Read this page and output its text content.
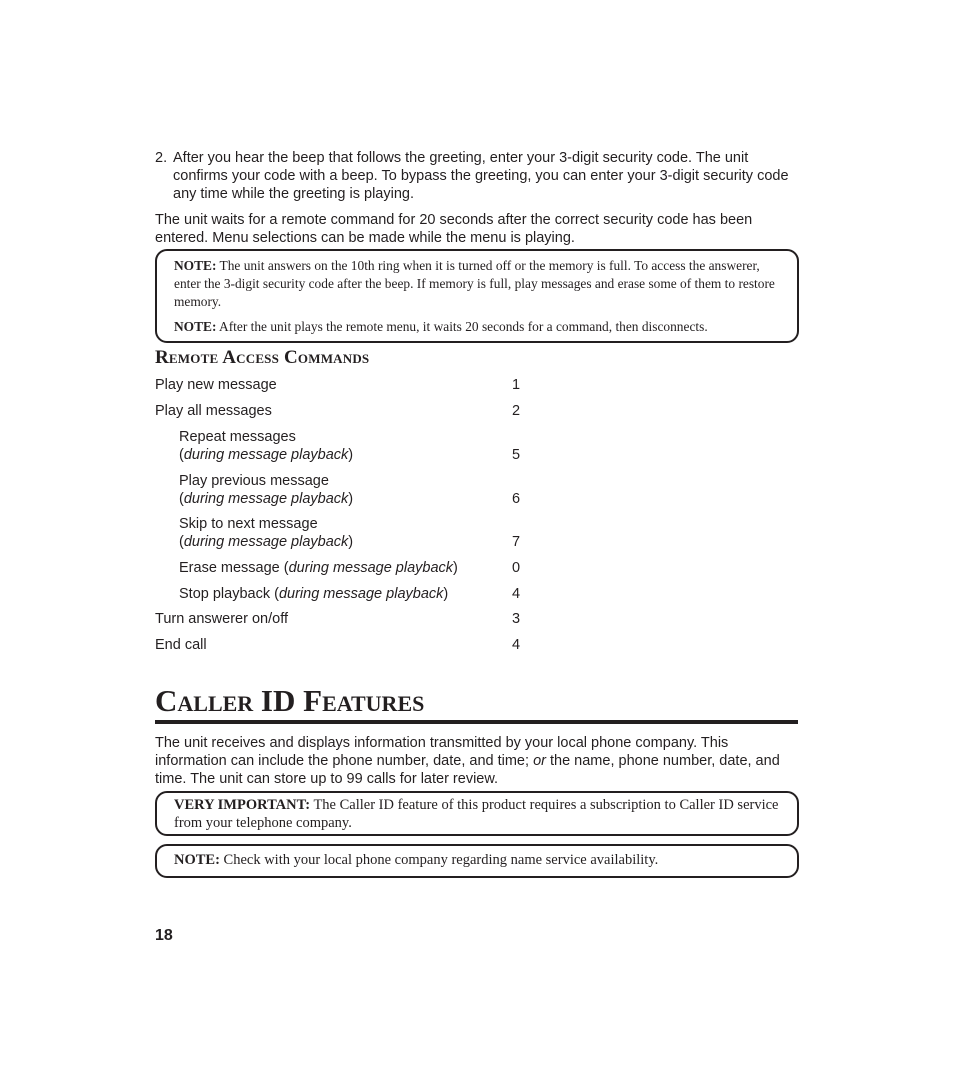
2. After you hear the beep that follows the greeting, enter your 3-digit security code. The unit confirms your code with a beep. To bypass the greeting, you can enter your 3-digit security code any time while the greeting is playing.
The unit waits for a remote command for 20 seconds after the correct security code has been entered. Menu selections can be made while the menu is playing.

NOTE: The unit answers on the 10th ring when it is turned off or the memory is full. To access the answerer, enter the 3-digit security code after the beep. If memory is full, play messages and erase some of them to restore memory.

NOTE: After the unit plays the remote menu, it waits 20 seconds for a command, then disconnects.

Remote Access Commands
Play new message	1
Play all messages	2
Repeat messages
(during message playback)	5
Play previous message
(during message playback)	6
Skip to next message
(during message playback)	7
Erase message (during message playback)	0
Stop playback (during message playback)	4
Turn answerer on/off	3
End call	4
Caller ID Features
The unit receives and displays information transmitted by your local phone company. This information can include the phone number, date, and time; or the name, phone number, date, and time. The unit can store up to 99 calls for later review.

VERY IMPORTANT: The Caller ID feature of this product requires a subscription to Caller ID service from your telephone company.

NOTE: Check with your local phone company regarding name service availability.

18
